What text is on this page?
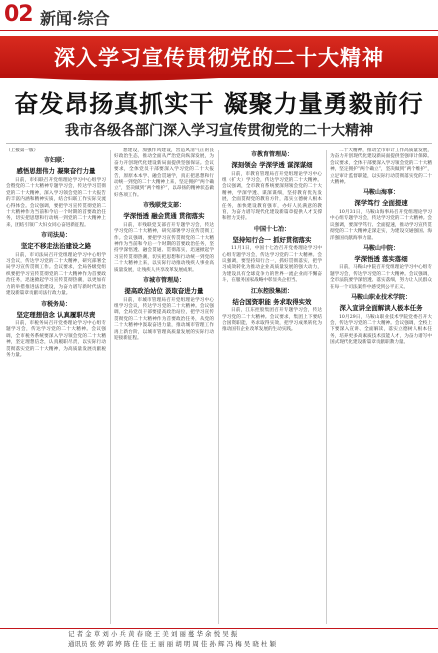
02 新闻·综合
深入学习宣传贯彻党的二十大精神
奋发昂扬真抓实干 凝聚力量勇毅前行
我市各级各部门深入学习宣传贯彻党的二十大精神

（上接第一版）

市妇联：
感悟思想伟力 凝聚奋行力量

日前，市妇联召开党组理论学习中心组学习会暨党的二十大精神专题学习会，传达学习贯彻党的二十大精神，深入学习领会党的二十大报告的丰富内涵和精神实质，结合妇联工作实际交流心得体会。会议强调，要把学习宣传贯彻党的二十大精神作为当前和今后一个时期的首要政治任务，切实把思想和行动统一到党的二十大精神上来，团结引领广大妇女同心奋进新征程。

市司法局：
坚定不移走法治建设之路

日前，市司法局召开党组理论学习中心组学习会议，传达学习党的二十大精神，研究部署全局学习宣传贯彻工作。会议要求，全局各级党组织要把学习宣传贯彻党的二十大精神作为首要政治任务，迅速掀起学习宣传贯彻热潮，以更加有力的举措推进法治建设，为奋力谱写新时代法治建设新篇章贡献司法行政力量。

市税务局：
坚定理想信念 认真履职尽责

日前，市税务局召开党委理论学习中心组专题学习会，传达学习党的二十大精神。会议强调，全市税务系统要深入学习领会党的二十大精神，坚定理想信念，认真履职尽责，以实际行动贯彻落实党的二十大精神，为高质量发展贡献税务力量。

想建设，加强作风建设，营造风清气正的良好政治生态，推动全面从严治党向纵深发展，为奋力开创现代化建设新局面提供坚强保证。会议要求，全体党员干部要深入学习党的二十大报告，原原本本学、融会贯通学，真正把思想和行动统一到党的二十大精神上来，坚定拥护“两个确立”，坚决做到“两个维护”，以昂扬的精神状态做好各项工作。

市残联党支部：
学深悟透 融会贯通 贯彻落实

日前，市残联党支部召开专题学习会，传达学习党的二十大精神，研究部署学习宣传贯彻工作。会议强调，要把学习宣传贯彻党的二十大精神作为当前和今后一个时期的首要政治任务，坚持学深悟透、融会贯通、贯彻落实，迅速掀起学习宣传贯彻热潮，切实把思想和行动统一到党的二十大精神上来，以实际行动推动残疾人事业高质量发展，让残疾人共享改革发展成果。

市城市管理局：
提高政治站位 汲取奋进力量

日前，市城市管理局召开党组理论学习中心组学习会议，传达学习党的二十大精神。会议强调，全局党员干部要提高政治站位，把学习宣传贯彻党的二十大精神作为首要政治任务，从党的二十大精神中汲取奋进力量，推动城市管理工作再上新台阶，以城市管理高质量发展的实际行动迎接新征程。

市教育管理局：
深刻领会 学深学透 谋深谋细

日前，市教育管理局召开党组理论学习中心组（扩大）学习会，传达学习党的二十大精神。会议强调，全市教育系统要深刻领会党的二十大精神，学深学透、谋深谋细，坚持教育优先发展，全面贯彻党的教育方针，落实立德树人根本任务，加快建设教育强市，办好人民满意的教育，为奋力谱写现代化建设新篇章提供人才支撑和智力支持。

中国十七冶：
坚持知行合一 抓好贯彻落实

11月1日，中国十七冶召开党委理论学习中心组专题学习会，传达学习党的二十大精神。会议强调，要坚持知行合一，抓好贯彻落实，把学习成效转化为推动企业高质量发展的强大动力，为建设具有全球竞争力的世界一流企业而不懈奋斗，在服务国家战略中彰显央企担当。

江东控股集团：
结合国资职能 务求取得实效

日前，江东控股集团召开专题学习会，传达学习党的二十大精神。会议要求，集团上下要结合国资职能，务求取得实效，把学习成果转化为推动国有企业改革发展的生动实践。

二十大精神，推动全市审计工作高质量发展，为奋力开创现代化建设新局面提供坚强审计保障。会议要求，全体干部要深入学习领会党的二十大精神，坚定拥护“两个确立”，坚决做到“两个维护”，立足审计监督职能，以实际行动贯彻落实党的二十大精神。

马鞍山海事：
深学笃行 全面提速

10月31日，马鞍山海事局召开党组理论学习中心组专题学习会，传达学习党的二十大精神。会议强调，要深学笃行、全面提速，推动学习宣传贯彻党的二十大精神走深走实，为建设交通强国、海洋强国贡献海事力量。

马鞍山中院：
学深悟透 落实落细

日前，马鞍山中院召开党组理论学习中心组专题学习会，传达学习党的二十大精神。会议强调，全市法院要学深悟透、落实落细，努力让人民群众在每一个司法案件中感受到公平正义。

马鞍山职业技术学院：
深入宣讲全面解读人极本任务

10月29日，马鞍山职业技术学院党委召开大会，传达学习党的二十大精神。会议强调，全校上下要深入宣讲、全面解读，落实立德树人根本任务，培养更多高素质技术技能人才，为奋力谱写中国式现代化建设新篇章贡献职教力量。

记 者 金 草 刘 小 兵 黄 春 晓 王 美 刘 丽 蔓 华 余 悦 吴 振
通讯员 张 婷 郭 婷 陈 佳 佳 王 丽 丽 胡 明 周 佳 孙 辉 冯 梅 吴 晓 杜 颖
